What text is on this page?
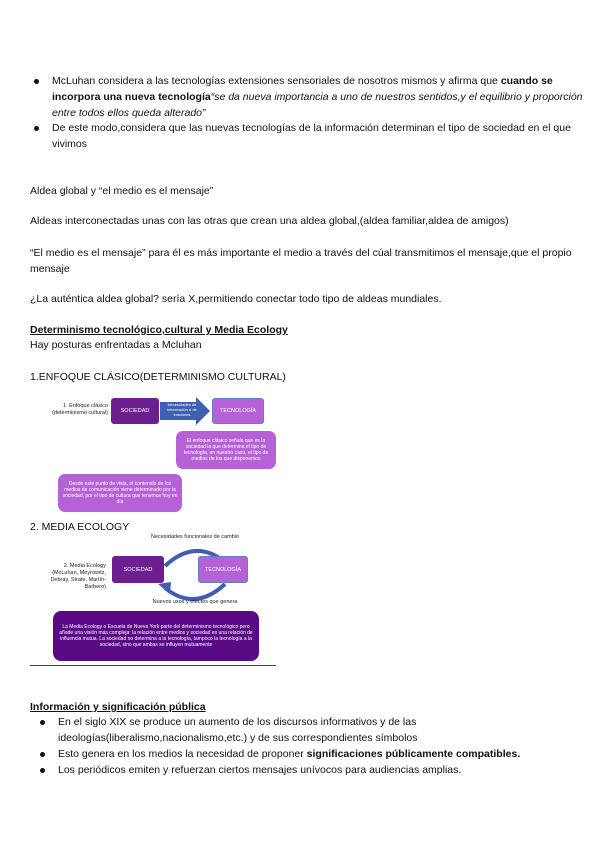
McLuhan considera a las tecnologías extensiones sensoriales de nosotros mismos y afirma que cuando se
incorpora una nueva tecnología“se da nueva importancia a uno de nuestros sentidos,y el equilibrio y proporción
entre todos ellos queda alterado”
De este modo,considera que las nuevas tecnologías de la información determinan el tipo de sociedad en el que
vivimos
Aldea global y “el medio es el mensaje”
Aldeas interconectadas unas con las otras que crean una aldea global,(aldea familiar,aldea de amigos)
“El medio es el mensaje” para él es más importante el medio a través del cúal transmitimos el mensaje,que el propio
mensaje
¿La auténtica aldea global? sería X,permitiendo conectar todo tipo de aldeas mundiales.
Determinismo tecnológico,cultural y Media Ecology
Hay posturas enfrentadas a Mcluhan
1.ENFOQUE CLÁSICO(DETERMINISMO CULTURAL)
1. Enfoque clásico (determinismo cultural)	SOCIEDAD
Necesidades de información o de funciones
TECNOLOGÍA
El enfoque clásico señala que es la sociedad la que determina el tipo de tecnología, en nuestro caso, el tipo de medios de los que disponemos
Desde este punto de vista, el contenido de los medios de comunicación viene determinado por la sociedad, por el tipo de cultura que tenemos hoy en día
2. MEDIA ECOLOGY
Necesidades funcionales de cambio
2. Media Ecology (McLuhan, Meyrowitz, Debray, Strate, Martín-Barbero)
SOCIEDAD	TECNOLOGÍA
Nuevos usos y efectos que genera
La Media Ecology o Escuela de Nueva York parte del determinismo tecnológico pero añade una visión más compleja: la relación entre medios y sociedad es una relación de influencia mutua. La sociedad no determina a la tecnología, tampoco la tecnología a la sociedad, sino que ambas se influyen mutuamente
Información y significación pública
En el siglo XIX se produce un aumento de los discursos informativos y de las
ideologías(liberalismo,nacionalismo,etc.) y de sus correspondientes símbolos
Esto genera en los medios la necesidad de proponer significaciones públicamente compatibles.
Los periódicos emiten y refuerzan ciertos mensajes unívocos para audiencias amplias.
